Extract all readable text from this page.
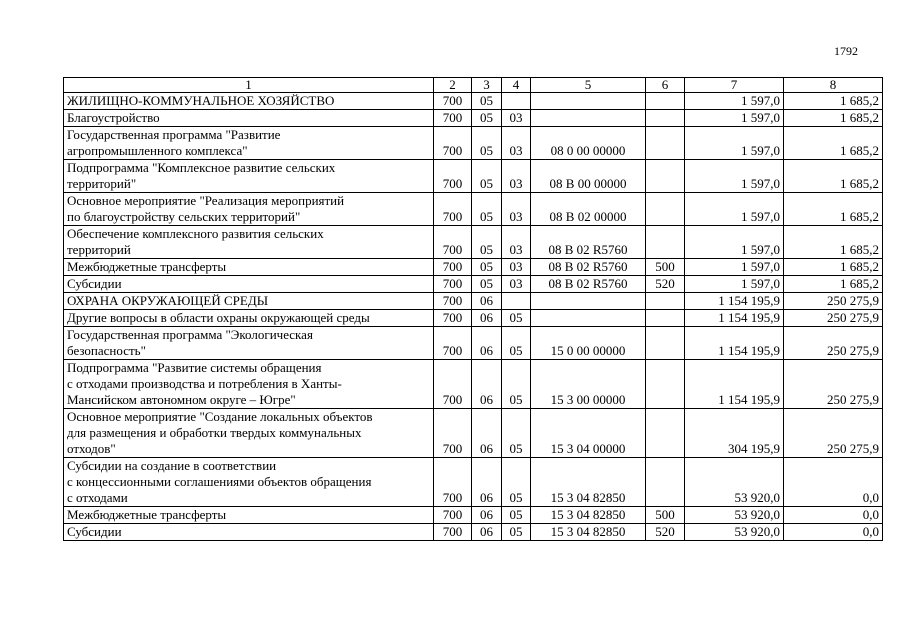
1792
1	2	3	4	5	6	7	8
ЖИЛИЩНО-КОММУНАЛЬНОЕ ХОЗЯЙСТВО	700	05				1 597,0	1 685,2
Благоустройство	700	05	03			1 597,0	1 685,2
Государственная программа "Развитие
агропромышленного комплекса"	700	05	03	08 0 00 00000		1 597,0	1 685,2
Подпрограмма "Комплексное развитие сельских
территорий"	700	05	03	08 В 00 00000		1 597,0	1 685,2
Основное мероприятие "Реализация мероприятий
по благоустройству сельских территорий"	700	05	03	08 В 02 00000		1 597,0	1 685,2
Обеспечение комплексного развития сельских
территорий	700	05	03	08 В 02 R5760		1 597,0	1 685,2
Межбюджетные трансферты	700	05	03	08 В 02 R5760	500	1 597,0	1 685,2
Субсидии	700	05	03	08 В 02 R5760	520	1 597,0	1 685,2
ОХРАНА ОКРУЖАЮЩЕЙ СРЕДЫ	700	06				1 154 195,9	250 275,9
Другие вопросы в области охраны окружающей среды	700	06	05			1 154 195,9	250 275,9
Государственная программа "Экологическая
безопасность"	700	06	05	15 0 00 00000		1 154 195,9	250 275,9
Подпрограмма "Развитие системы обращения
с отходами производства и потребления в Ханты-
Мансийском автономном округе – Югре"	700	06	05	15 3 00 00000		1 154 195,9	250 275,9
Основное мероприятие "Создание локальных объектов
для размещения и обработки твердых коммунальных
отходов"	700	06	05	15 3 04 00000		304 195,9	250 275,9
Субсидии на создание в соответствии
с концессионными соглашениями объектов обращения
с отходами	700	06	05	15 3 04 82850		53 920,0	0,0
Межбюджетные трансферты	700	06	05	15 3 04 82850	500	53 920,0	0,0
Субсидии	700	06	05	15 3 04 82850	520	53 920,0	0,0
